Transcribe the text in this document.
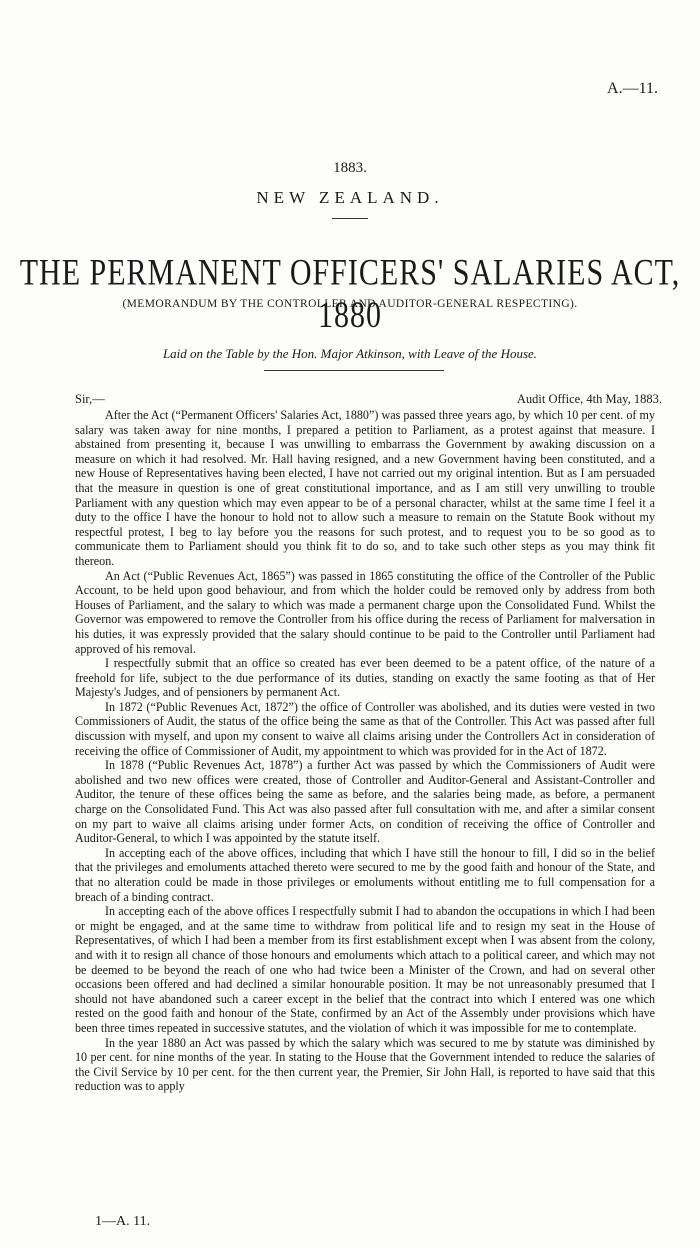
A.—11.
1883.
NEW ZEALAND.
THE PERMANENT OFFICERS' SALARIES ACT, 1880
(MEMORANDUM BY THE CONTROLLER AND AUDITOR-GENERAL RESPECTING).
Laid on the Table by the Hon. Major Atkinson, with Leave of the House.
Sir,—	Audit Office, 4th May, 1883.

After the Act (“Permanent Officers' Salaries Act, 1880”) was passed three years ago, by which 10 per cent. of my salary was taken away for nine months, I prepared a petition to Parliament, as a protest against that measure. I abstained from presenting it, because I was unwilling to embarrass the Government by awaking discussion on a measure on which it had resolved. Mr. Hall having resigned, and a new Government having been constituted, and a new House of Representatives having been elected, I have not carried out my original intention. But as I am persuaded that the measure in question is one of great constitutional importance, and as I am still very unwilling to trouble Parliament with any question which may even appear to be of a personal character, whilst at the same time I feel it a duty to the office I have the honour to hold not to allow such a measure to remain on the Statute Book without my respectful protest, I beg to lay before you the reasons for such protest, and to request you to be so good as to communicate them to Parliament should you think fit to do so, and to take such other steps as you may think fit thereon.

An Act (“Public Revenues Act, 1865”) was passed in 1865 constituting the office of the Controller of the Public Account, to be held upon good behaviour, and from which the holder could be removed only by address from both Houses of Parliament, and the salary to which was made a permanent charge upon the Consolidated Fund. Whilst the Governor was empowered to remove the Controller from his office during the recess of Parliament for malversation in his duties, it was expressly provided that the salary should continue to be paid to the Controller until Parliament had approved of his removal.

I respectfully submit that an office so created has ever been deemed to be a patent office, of the nature of a freehold for life, subject to the due performance of its duties, standing on exactly the same footing as that of Her Majesty's Judges, and of pensioners by permanent Act.

In 1872 (“Public Revenues Act, 1872”) the office of Controller was abolished, and its duties were vested in two Commissioners of Audit, the status of the office being the same as that of the Controller. This Act was passed after full discussion with myself, and upon my consent to waive all claims arising under the Controllers Act in consideration of receiving the office of Commissioner of Audit, my appointment to which was provided for in the Act of 1872.

In 1878 (“Public Revenues Act, 1878”) a further Act was passed by which the Commissioners of Audit were abolished and two new offices were created, those of Controller and Auditor-General and Assistant-Controller and Auditor, the tenure of these offices being the same as before, and the salaries being made, as before, a permanent charge on the Consolidated Fund. This Act was also passed after full consultation with me, and after a similar consent on my part to waive all claims arising under former Acts, on condition of receiving the office of Controller and Auditor-General, to which I was appointed by the statute itself.

In accepting each of the above offices, including that which I have still the honour to fill, I did so in the belief that the privileges and emoluments attached thereto were secured to me by the good faith and honour of the State, and that no alteration could be made in those privileges or emoluments without entitling me to full compensation for a breach of a binding contract.

In accepting each of the above offices I respectfully submit I had to abandon the occupations in which I had been or might be engaged, and at the same time to withdraw from political life and to resign my seat in the House of Representatives, of which I had been a member from its first establishment except when I was absent from the colony, and with it to resign all chance of those honours and emoluments which attach to a political career, and which may not be deemed to be beyond the reach of one who had twice been a Minister of the Crown, and had on several other occasions been offered and had declined a similar honourable position. It may be not unreasonably presumed that I should not have abandoned such a career except in the belief that the contract into which I entered was one which rested on the good faith and honour of the State, confirmed by an Act of the Assembly under provisions which have been three times repeated in successive statutes, and the violation of which it was impossible for me to contemplate.

In the year 1880 an Act was passed by which the salary which was secured to me by statute was diminished by 10 per cent. for nine months of the year. In stating to the House that the Government intended to reduce the salaries of the Civil Service by 10 per cent. for the then current year, the Premier, Sir John Hall, is reported to have said that this reduction was to apply

1—A. 11.
